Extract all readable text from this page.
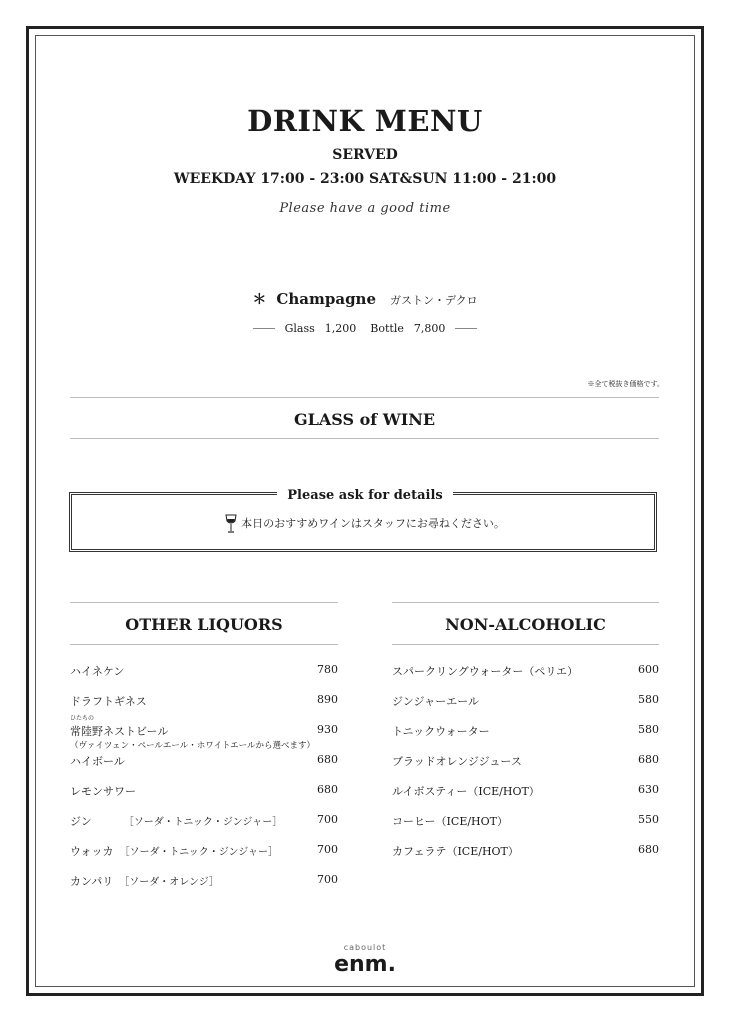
DRINK MENU
SERVED
WEEKDAY 17:00 - 23:00 SAT&SUN 11:00 - 21:00
Please have a good time
＊ Champagne ガストン・デクロ
Glass 1,200 Bottle 7,800
※全て税抜き価格です。
GLASS of WINE
Please ask for details
本日のおすすめワインはスタッフにお尋ねください。
OTHER LIQUORS
ハイネケン	780
ドラフトギネス	890
ひたちの
常陸野ネストビール	930
（ヴァイツェン・ペールエール・ホワイトエールから選べます）
ハイボール	680
レモンサワー	680
ジン	［ソーダ・トニック・ジンジャー］	700
ウォッカ ［ソーダ・トニック・ジンジャー］	700
カンパリ ［ソーダ・オレンジ］	700
NON-ALCOHOLIC
スパークリングウォーター（ペリエ）	600
ジンジャーエール	580
トニックウォーター	580
ブラッドオレンジジュース	680
ルイボスティー（ICE/HOT）	630
コーヒー（ICE/HOT）	550
カフェラテ（ICE/HOT）	680
caboulot
enm.
